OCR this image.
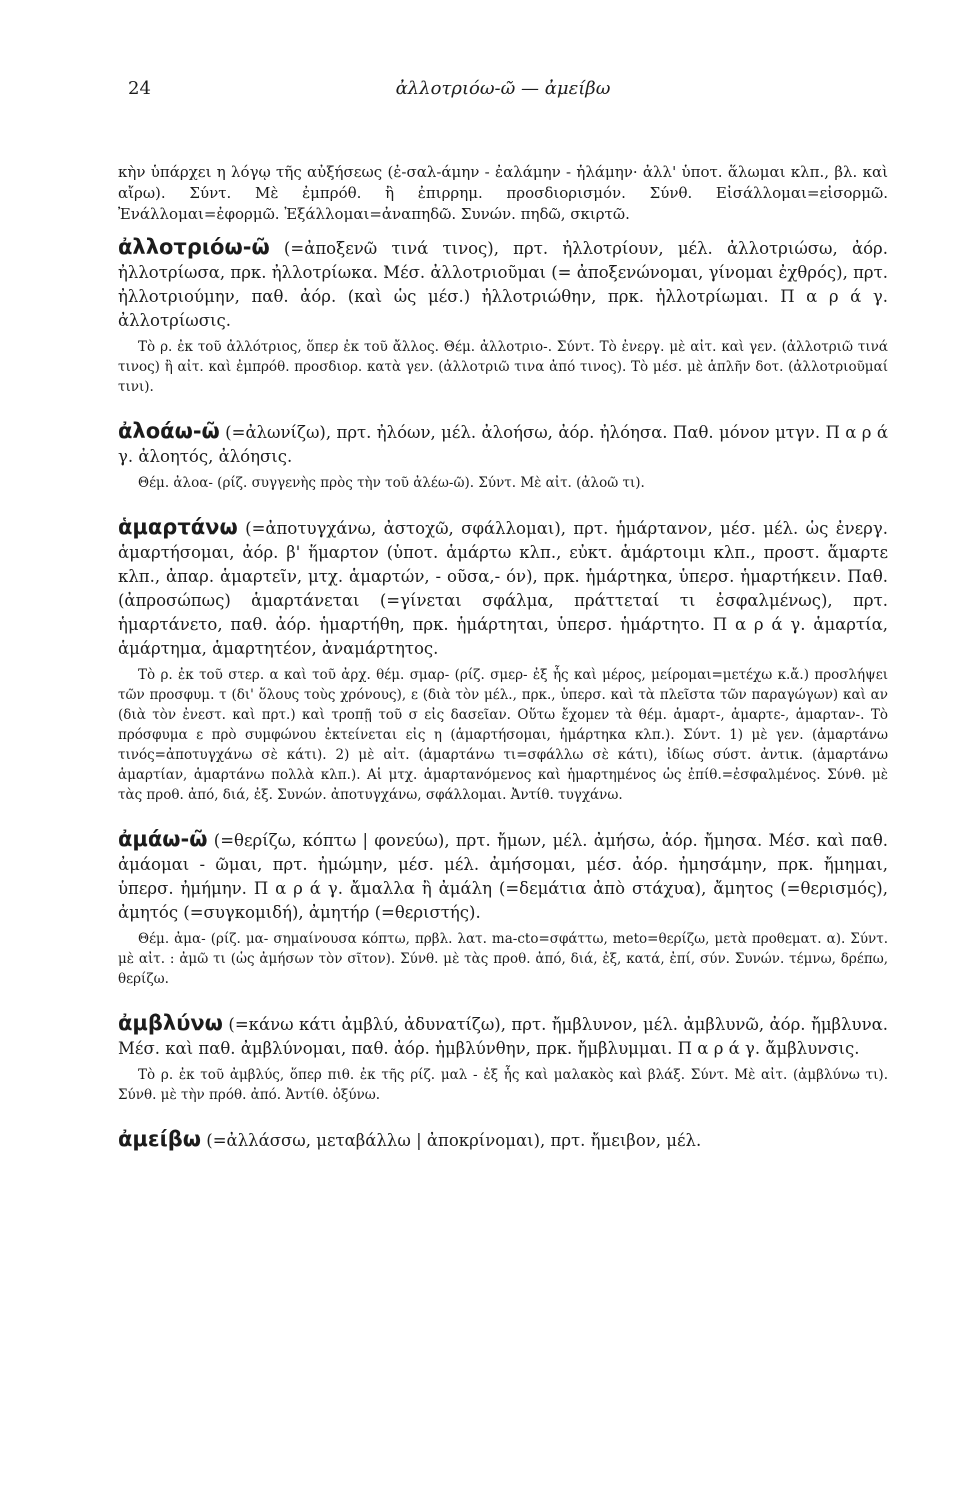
24	ἀλλοτριόω-ῶ — ἀμείβω

κὴν ὑπάρχει η λόγῳ τῆς αὐξήσεως (ἐ-σαλ-άμην - ἐαλάμην - ἡλάμην· ἀλλ' ὑποτ. ἅλωμαι κλπ., βλ. καὶ αἴρω). Σύντ. Μὲ ἐμπρόθ. ἢ ἐπιρρημ. προσδιορισμόν. Σύνθ. Εἰσάλλομαι=εἰσορμῶ. Ἐνάλλομαι=ἐφορμῶ. Ἐξάλλομαι=ἀναπηδῶ. Συνών. πηδῶ, σκιρτῶ.

ἀλλοτριόω-ῶ (=ἀποξενῶ τινά τινος), πρτ. ἠλλοτρίουν, μέλ. ἀλλοτριώσω, ἀόρ. ἠλλοτρίωσα, πρκ. ἠλλοτρίωκα. Μέσ. ἀλλοτριοῦμαι (= ἀποξενώνομαι, γίνομαι ἐχθρός), πρτ. ἠλλοτριούμην, παθ. ἀόρ. (καὶ ὡς μέσ.) ἠλλοτριώθην, πρκ. ἠλλοτρίωμαι. Π α ρ ά γ. ἀλλοτρίωσις.

Τὸ ρ. ἐκ τοῦ ἀλλότριος, ὅπερ ἐκ τοῦ ἄλλος. Θέμ. ἀλλοτριο-. Σύντ. Τὸ ἐνεργ. μὲ αἰτ. καὶ γεν. (ἀλλοτριῶ τινά τινος) ἢ αἰτ. καὶ ἐμπρόθ. προσδιορ. κατὰ γεν. (ἀλλοτριῶ τινα ἀπό τινος). Τὸ μέσ. μὲ ἁπλῆν δοτ. (ἀλλοτριοῦμαί τινι).

ἀλοάω-ῶ (=ἀλωνίζω), πρτ. ἠλόων, μέλ. ἀλοήσω, ἀόρ. ἠλόησα. Παθ. μόνον μτγν. Π α ρ ά γ. ἀλοητός, ἀλόησις.

Θέμ. ἀλοα- (ρίζ. συγγενὴς πρὸς τὴν τοῦ ἀλέω-ῶ). Σύντ. Μὲ αἰτ. (ἀλοῶ τι).

ἁμαρτάνω (=ἀποτυγχάνω, ἀστοχῶ, σφάλλομαι), πρτ. ἡμάρτανον, μέσ. μέλ. ὡς ἐνεργ. ἁμαρτήσομαι, ἀόρ. β' ἥμαρτον (ὑποτ. ἁμάρτω κλπ., εὐκτ. ἁμάρτοιμι κλπ., προστ. ἅμαρτε κλπ., ἀπαρ. ἁμαρτεῖν, μτχ. ἁμαρτών, - οῦσα,- όν), πρκ. ἡμάρτηκα, ὑπερσ. ἡμαρτήκειν. Παθ. (ἀπροσώπως) ἁμαρτάνεται (=γίνεται σφάλμα, πράττεταί τι ἐσφαλμένως), πρτ. ἡμαρτάνετο, παθ. ἀόρ. ἡμαρτήθη, πρκ. ἡμάρτηται, ὑπερσ. ἡμάρτητο. Π α ρ ά γ. ἁμαρτία, ἁμάρτημα, ἁμαρτητέον, ἀναμάρτητος.

Τὸ ρ. ἐκ τοῦ στερ. α καὶ τοῦ ἀρχ. θέμ. σμαρ- (ρίζ. σμερ- ἐξ ἧς καὶ μέρος, μείρομαι=μετέχω κ.ἄ.) προσλήψει τῶν προσφυμ. τ (δι' ὅλους τοὺς χρόνους), ε (διὰ τὸν μέλ., πρκ., ὑπερσ. καὶ τὰ πλεῖστα τῶν παραγώγων) καὶ αν (διὰ τὸν ἐνεστ. καὶ πρτ.) καὶ τροπῇ τοῦ σ εἰς δασεῖαν. Οὕτω ἔχομεν τὰ θέμ. ἁμαρτ-, ἁμαρτε-, ἁμαρταν-. Τὸ πρόσφυμα ε πρὸ συμφώνου ἐκτείνεται εἰς η (ἁμαρτήσομαι, ἡμάρτηκα κλπ.). Σύντ. 1) μὲ γεν. (ἁμαρτάνω τινός=ἀποτυγχάνω σὲ κάτι). 2) μὲ αἰτ. (ἁμαρτάνω τι=σφάλλω σὲ κάτι), ἰδίως σύστ. ἀντικ. (ἁμαρτάνω ἁμαρτίαν, ἁμαρτάνω πολλὰ κλπ.). Αἱ μτχ. ἁμαρτανόμενος καὶ ἡμαρτημένος ὡς ἐπίθ.=ἐσφαλμένος. Σύνθ. μὲ τὰς προθ. ἀπό, διά, ἐξ. Συνών. ἀποτυγχάνω, σφάλλομαι. Ἀντίθ. τυγχάνω.

ἀμάω-ῶ (=θερίζω, κόπτω | φονεύω), πρτ. ἤμων, μέλ. ἀμήσω, ἀόρ. ἤμησα. Μέσ. καὶ παθ. ἀμάομαι - ῶμαι, πρτ. ἠμώμην, μέσ. μέλ. ἀμήσομαι, μέσ. ἀόρ. ἠμησάμην, πρκ. ἤμημαι, ὑπερσ. ἠμήμην. Π α ρ ά γ. ἄμαλλα ἢ ἀμάλη (=δεμάτια ἀπὸ στάχυα), ἄμητος (=θερισμός), ἀμητός (=συγκομιδή), ἀμητήρ (=θεριστής).

Θέμ. ἀμα- (ρίζ. μα- σημαίνουσα κόπτω, πρβλ. λατ. ma-cto=σφάττω, meto=θερίζω, μετὰ προθεματ. α). Σύντ. μὲ αἰτ. : ἀμῶ τι (ὡς ἀμήσων τὸν σῖτον). Σύνθ. μὲ τὰς προθ. ἀπό, διά, ἐξ, κατά, ἐπί, σύν. Συνών. τέμνω, δρέπω, θερίζω.

ἀμβλύνω (=κάνω κάτι ἀμβλύ, ἀδυνατίζω), πρτ. ἤμβλυνον, μέλ. ἀμβλυνῶ, ἀόρ. ἤμβλυνα. Μέσ. καὶ παθ. ἀμβλύνομαι, παθ. ἀόρ. ἠμβλύνθην, πρκ. ἤμβλυμμαι. Π α ρ ά γ. ἄμβλυνσις.

Τὸ ρ. ἐκ τοῦ ἀμβλύς, ὅπερ πιθ. ἐκ τῆς ρίζ. μαλ - ἐξ ἧς καὶ μαλακὸς καὶ βλάξ. Σύντ. Μὲ αἰτ. (ἀμβλύνω τι). Σύνθ. μὲ τὴν πρόθ. ἀπό. Ἀντίθ. ὀξύνω.

ἀμείβω (=ἀλλάσσω, μεταβάλλω | ἀποκρίνομαι), πρτ. ἤμειβον, μέλ.
